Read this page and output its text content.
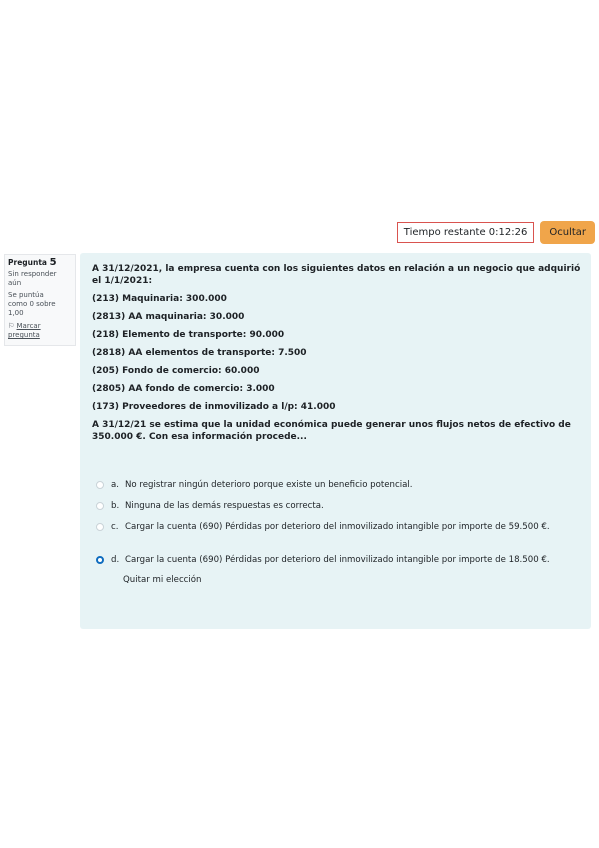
Tiempo restante 0:12:26	Ocultar
Pregunta 5
Sin responder
aún
Se puntúa
como 0 sobre
1,00
⚐ Marcar
pregunta
A 31/12/2021, la empresa cuenta con los siguientes datos en relación a un negocio que adquirió el 1/1/2021:
(213) Maquinaria: 300.000
(2813) AA maquinaria: 30.000
(218) Elemento de transporte: 90.000
(2818) AA elementos de transporte: 7.500
(205) Fondo de comercio: 60.000
(2805) AA fondo de comercio: 3.000
(173) Proveedores de inmovilizado a l/p: 41.000
A 31/12/21 se estima que la unidad económica puede generar unos flujos netos de efectivo de 350.000 €. Con esa información procede...
a. No registrar ningún deterioro porque existe un beneficio potencial.
b. Ninguna de las demás respuestas es correcta.
c. Cargar la cuenta (690) Pérdidas por deterioro del inmovilizado intangible por importe de 59.500 €.
d. Cargar la cuenta (690) Pérdidas por deterioro del inmovilizado intangible por importe de 18.500 €.
Quitar mi elección
